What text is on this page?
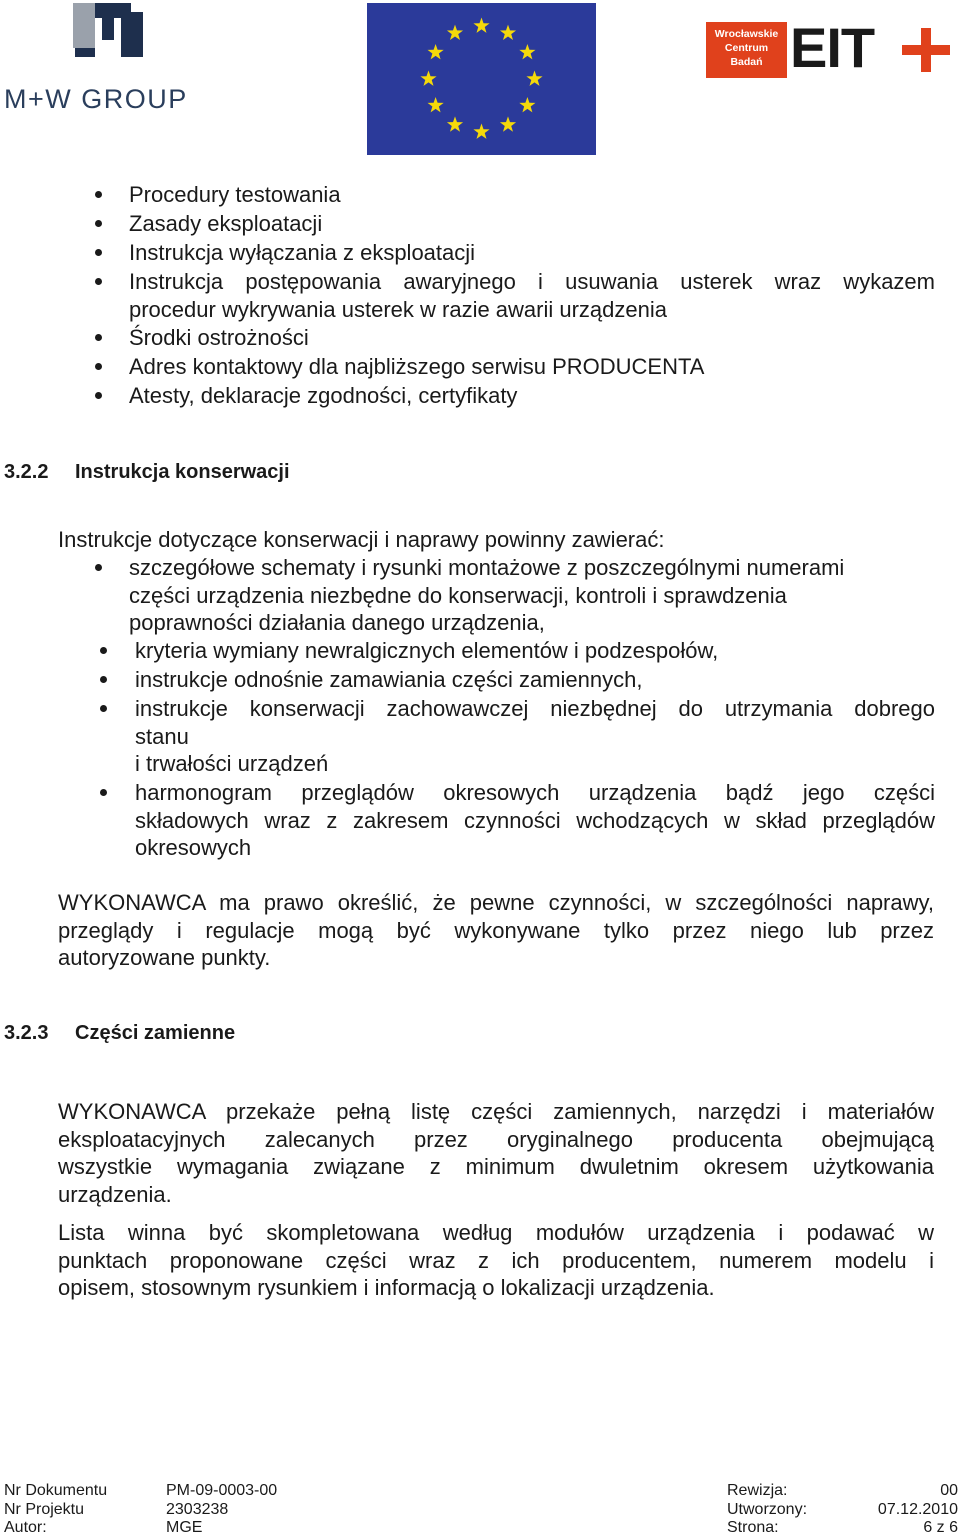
M+W GROUP
Wrocławskie
Centrum
Badań EIT
Procedury testowania
Zasady eksploatacji
Instrukcja wyłączania z eksploatacji
Instrukcja postępowania awaryjnego i usuwania usterek wraz wykazem
procedur wykrywania usterek w razie awarii urządzenia
Środki ostrożności
Adres kontaktowy dla najbliższego serwisu PRODUCENTA
Atesty, deklaracje zgodności, certyfikaty
3.2.2 Instrukcja konserwacji
Instrukcje dotyczące konserwacji i naprawy powinny zawierać:
szczegółowe schematy i rysunki montażowe z poszczególnymi numerami
części urządzenia niezbędne do konserwacji, kontroli i sprawdzenia
poprawności działania danego urządzenia,
kryteria wymiany newralgicznych elementów i podzespołów,
instrukcje odnośnie zamawiania części zamiennych,
instrukcje konserwacji zachowawczej niezbędnej do utrzymania dobrego
stanu
i trwałości urządzeń
harmonogram przeglądów okresowych urządzenia bądź jego części
składowych wraz z zakresem czynności wchodzących w skład przeglądów
okresowych
WYKONAWCA ma prawo określić, że pewne czynności, w szczególności naprawy,
przeglądy i regulacje mogą być wykonywane tylko przez niego lub przez
autoryzowane punkty.
3.2.3 Części zamienne
WYKONAWCA przekaże pełną listę części zamiennych, narzędzi i materiałów
eksploatacyjnych zalecanych przez oryginalnego producenta obejmującą
wszystkie wymagania związane z minimum dwuletnim okresem użytkowania
urządzenia.
Lista winna być skompletowana według modułów urządzenia i podawać w
punktach proponowane części wraz z ich producentem, numerem modelu i
opisem, stosownym rysunkiem i informacją o lokalizacji urządzenia.
Nr Dokumentu
Nr Projektu
Autor:
PM-09-0003-00
2303238
MGE
Rewizja:
Utworzony:
Strona:
00
07.12.2010
6 z 6
